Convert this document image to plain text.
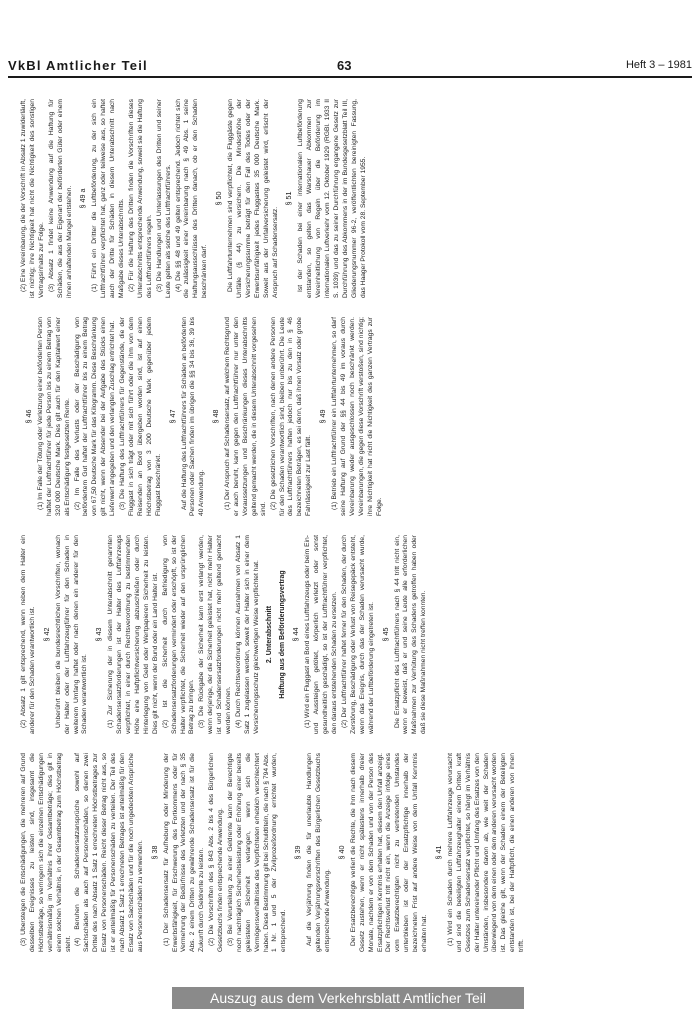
VkBl Amtlicher Teil	63	Heft 3 – 1981

(3) Übersteigen die Entschädigungen, die mehreren auf Grund desselben Ereignisses zu leisten sind, insgesamt die Höchstbeträge, so verringern sich die einzelnen Entschädigungen verhältnismäßig im Verhältnis ihrer Gesamtbeträge; dies gilt in einem solchen Verhältnis, in der Gesamtbetrag zum Höchstbetrag steht. (4) Beruhen die Schadensersatzansprüche sowohl auf Sachschäden als auch auf Personenschäden, so dienen zwei Drittel des nach Absatz 1 Satz 1 errechneten Höchstbetrages zur Ersatz von Personenschäden. Reicht dieser Betrag nicht aus, so ist er anteilmäßig für Personenschäden zu verteilen. Der Teil des nach Absatz 1 Satz 1 errechneten Betrages ist anteilmäßig für den Ersatz von Sachschäden und für die noch ungedeckten Ansprüche aus Personenschäden zu verwenden. § 38 (1) Der Schadensersatz für Aufhebung oder Minderung der Erwerbsfähigkeit, für Erschwerung des Fortkommens oder für Vermehrung der Bedürfnisse des Verletzten und der nach § 35 Abs. 2 einem Dritten zu gewährende Schadensersatz ist für die Zukunft durch Geldrente zu leisten. (2) Die Vorschriften des § 843 Abs. 2 bis 4 des Bürgerlichen Gesetzbuchs finden entsprechende Anwendung. (3) Bei Verurteilung zu einer Geldrente kann der Berechtigte noch nachträglich Sicherheitsleistung oder Erhöhung einer bereits geleisteten Sicherheit verlangen, wenn sich die Vermögensverhältnisse des Verpflichteten erheblich verschlechtert haben. Diese Bestimmung gilt bei Schuldtiteln, die nach § 794 Abs. 1 Nr. 1 und 5 der Zivilprozeßordnung errichtet wurden, entsprechend.

§ 39 Auf die Verjährung finden die für unerlaubte Handlungen geltenden Verjährungsvorschriften des Bürgerlichen Gesetzbuchs entsprechende Anwendung.

§ 40 Der Ersatzberechtigte verliert die Rechte, die ihm nach diesem Gesetz zustehen, wenn er nicht spätestens innerhalb dreier Monate, nachdem er von dem Schaden und von der Person des Ersatzpflichtigen Kenntnis erhalten hat, diesem den Unfall anzeigt. Der Rechtsverlust tritt nicht ein, wenn die Anzeige infolge eines vom Ersatzberechtigten nicht zu vertretenden Umstandes unterblieben ist oder der Ersatzpflichtige innerhalb der bezeichneten Frist auf andere Weise von dem Unfall Kenntnis erhalten hat.

§ 41 (1) Wird ein Schaden durch mehrere Luftfahrzeuge verursacht und sind die beteiligten Luftfahrzeughalter einem Dritten kraft Gesetzes zum Schadensersatz verpflichtet, so hängt im Verhältnis der Halter untereinander Pflicht und Umfang des Ersatzes von den Umständen, insbesondere davon ab, wie weit der Schaden überwiegend von dem einen oder dem anderen verursacht worden ist. Das gleiche gilt, wenn der Schaden einem der Beteiligten entstanden ist, bei der Haftpflicht, die einen anderen von ihnen trifft.

(2) Absatz 1 gilt entsprechend, wenn neben dem Halter ein anderer für den Schaden verantwortlich ist. § 42 Unberührt bleiben die bundesrechtlichen Vorschriften, wonach der Halter oder der Luftfahrzeugführer für den Schaden in weiterem Umfang haftet oder nach denen ein anderer für den Schaden verantwortlich ist.

§ 43 (1) Zur Sicherung der in diesem Unterabschnitt genannten Schadensersatzforderungen ist der Halter des Luftfahrzeugs verpflichtet, in einer durch Rechtsverordnung zu bestimmenden Höhe eine Haftpflichtversicherung abzuschließen oder durch Hinterlegung von Geld oder Wertpapieren Sicherheit zu leisten. Dies gilt nicht, wenn der Bund oder ein Land Halter ist. (2) Ist die Sicherheit durch Befriedigung von Schadensersatzforderungen vermindert oder erschöpft, so ist der Halter verpflichtet, die Sicherheit wieder auf den ursprünglichen Betrag zu bringen. (3) Die Rückgabe der Sicherheit kann erst verlangt werden, wenn derjenige, der die Sicherheit geleistet hat, nicht mehr Halter ist und Schadensersatzforderungen nicht mehr geltend gemacht werden können. (4) Durch Rechtsverordnung können Ausnahmen von Absatz 1 Satz 1 zugelassen werden, soweit der Halter sich in einer dem Versicherungsschutz gleichwertigen Weise verpflichtet hat. 2. Unterabschnitt Haftung aus dem Beförderungsvertrag § 44 (1) Wird ein Fluggast an Bord eines Luftfahrzeugs oder beim Ein- und Aussteigen getötet, körperlich verletzt oder sonst gesundheitlich geschädigt, so ist der Luftfrachtführer verpflichtet, den daraus entstehenden Schaden zu ersetzen. (2) Der Luftfrachtführer haftet ferner für den Schaden, der durch Zerstörung, Beschädigung oder Verlust von Reisegepäck entsteht, wenn das Ereignis, durch das der Schaden verursacht wurde, während der Luftbeförderung eingetreten ist. § 45 Die Ersatzpflicht des Luftfrachtführers nach § 44 tritt nicht ein, wenn er beweist, daß er und seine Leute alle erforderlichen Maßnahmen zur Verhütung des Schadens getroffen haben oder daß sie diese Maßnahmen nicht treffen konnten.

§ 46 (1) Im Falle der Tötung oder Verletzung einer beförderten Person haftet der Luftfrachtführer für jede Person bis zu einem Betrag von 320 000 Deutsche Mark. Dies gilt auch für den Kapitalwert einer als Entschädigung festgesetzten Rente. (2) Im Falle des Verlusts oder der Beschädigung von befördertem Gut haftet der Luftfrachtführer bis zu einem Betrag von 67,50 Deutsche Mark für das Kilogramm. Diese Beschränkung gilt nicht, wenn der Absender bei der Aufgabe des Stücks einen Lieferwert angegeben und den verlangten Zuschlag entrichtet hat. (3) Die Haftung des Luftfrachtführers für Gegenstände, die der Fluggast in sich trägt oder mit sich führt oder die ihm von dem Reisenden an Bord übergeben worden sind, ist auf einen Höchstbetrag von 3 200 Deutsche Mark gegenüber jedem Fluggast beschränkt.

§ 47 Auf die Haftung des Luftfrachtführers für Schäden an beförderten Personen oder Sachen finden im übrigen die §§ 34 bis 36, 39 bis 40 Anwendung.

§ 48 (1) Der Anspruch auf Schadensersatz, auf welchem Rechtsgrund er auch beruht, kann gegen den Luftfrachtführer nur unter den Voraussetzungen und Beschränkungen dieses Unterabschnitts geltend gemacht werden, die in diesem Unterabschnitt vorgesehen sind. (2) Die gesetzlichen Vorschriften, nach denen andere Personen für den Schaden verantwortlich sind, bleiben unberührt. Die Leute des Luftfrachtführers haften jedoch nur bis zu den in § 46 bezeichneten Beträgen, es sei denn, daß ihnen Vorsatz oder grobe Fahrlässigkeit zur Last fällt.

§ 49 (1) Betrieb ein Luftfrachtführer ein Luftfahrtunternehmen, so darf seine Haftung auf Grund der §§ 44 bis 49 im voraus durch Vereinbarung weder ausgeschlossen noch beschränkt werden. Vereinbarungen, die gegen diese Vorschrift verstoßen, sind nichtig; ihre Nichtigkeit hat nicht die Nichtigkeit des ganzen Vertrags zur Folge.

(2) Eine Vereinbarung, die der Vorschrift in Absatz 1 zuwiderläuft, ist nichtig; ihre Nichtigkeit hat nicht die Nichtigkeit des sonstigen Vertragsinhalts zur Folge. (3) Absatz 1 findet keine Anwendung auf die Haftung für Schäden, die aus der Eigenart der beförderten Güter oder einem ihnen anhaftenden Mangel entstehen. § 49 a (1) Führt ein Dritter die Luftbeförderung, zu der sich ein Luftfrachtführer verpflichtet hat, ganz oder teilweise aus, so haftet auch der Dritte für Schäden in diesem Unterabschnitt nach Maßgabe dieses Unterabschnitts. (2) Für die Haftung des Dritten finden die Vorschriften dieses Unterabschnitts entsprechende Anwendung, soweit sie die Haftung des Luftfrachtführers regeln. (3) Die Handlungen und Unterlassungen des Dritten und seiner Leute gelten als solche des Luftfrachtführers. (4) Die §§ 48 und 49 gelten entsprechend. Jedoch richtet sich die zulässigkeit einer Vereinbarung nach § 49 Abs. 1 seine Haftungsausschlüsse des Dritten danach, ob er den Schaden beschränken darf.

§ 50 Die Luftfahrtunternehmen sind verpflichtet, die Fluggäste gegen Unfälle (§ 44) zu versichern. Die Mindesthöhe der Versicherungssumme beträgt für den Fall des Todes oder der Erwerbsunfähigkeit jedes Fluggastes 35 000 Deutsche Mark. Soweit aus der Unfallversicherung geleistet wird, erlischt der Anspruch auf Schadensersatz.

§ 51 Ist der Schaden bei einer internationalen Luftbeförderung entstanden, so gelten das Warschauer Abkommen zur Vereinheitlichung von Regeln über die Beförderung im internationalen Luftverkehr vom 12. Oktober 1929 (RGBl. 1933 II S. 1039) und das zu seiner Durchführung ergangene Gesetz zur Durchführung des Abkommens in der im Bundesgesetzblatt Teil III, Gliederungsnummer 96-2, veröffentlichten bereinigten Fassung, das Haager Protokoll vom 28. September 1955.

Auszug aus dem Verkehrsblatt Amtlicher Teil
